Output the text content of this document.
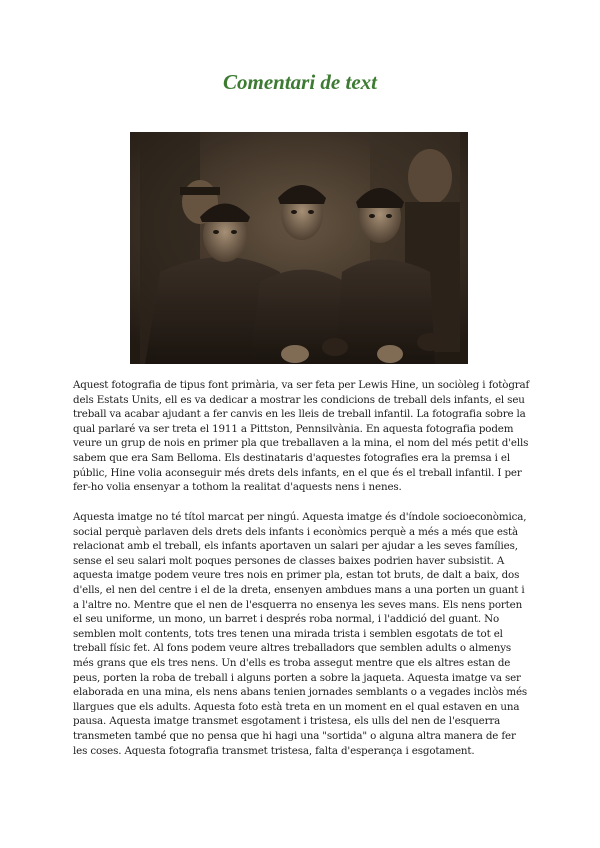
Comentari de text

Aquest fotografia de tipus font primària, va ser feta per Lewis Hine, un sociòleg i fotògraf dels Estats Units, ell es va dedicar a mostrar les condicions de treball dels infants, el seu treball va acabar ajudant a fer canvis en les lleis de treball infantil. La fotografia sobre la qual parlaré va ser treta el 1911 a Pittston, Pennsilvània. En aquesta fotografia podem veure un grup de nois en primer pla que treballaven a la mina, el nom del més petit d'ells sabem que era Sam Belloma. Els destinataris d'aquestes fotografies era la premsa i el públic, Hine volia aconseguir més drets dels infants, en el que és el treball infantil. I per fer-ho volia ensenyar a tothom la realitat d'aquests nens i nenes.

Aquesta imatge no té títol marcat per ningú. Aquesta imatge és d'índole socioeconòmica, social perquè parlaven dels drets dels infants i econòmics perquè a més a més que està relacionat amb el treball, els infants aportaven un salari per ajudar a les seves famílies, sense el seu salari molt poques persones de classes baixes podrien haver subsistit. A aquesta imatge podem veure tres nois en primer pla, estan tot bruts, de dalt a baix, dos d'ells, el nen del centre i el de la dreta, ensenyen ambdues mans a una porten un guant i a l'altre no. Mentre que el nen de l'esquerra no ensenya les seves mans. Els nens porten el seu uniforme, un mono, un barret i després roba normal, i l'addició del guant. No semblen molt contents, tots tres tenen una mirada trista i semblen esgotats de tot el treball físic fet. Al fons podem veure altres treballadors que semblen adults o almenys més grans que els tres nens. Un d'ells es troba assegut mentre que els altres estan de peus, porten la roba de treball i alguns porten a sobre la jaqueta. Aquesta imatge va ser elaborada en una mina, els nens abans tenien jornades semblants o a vegades inclòs més llargues que els adults. Aquesta foto està treta en un moment en el qual estaven en una pausa. Aquesta imatge transmet esgotament i tristesa, els ulls del nen de l'esquerra transmeten també que no pensa que hi hagi una "sortida" o alguna altra manera de fer les coses. Aquesta fotografia transmet tristesa, falta d'esperança i esgotament.
